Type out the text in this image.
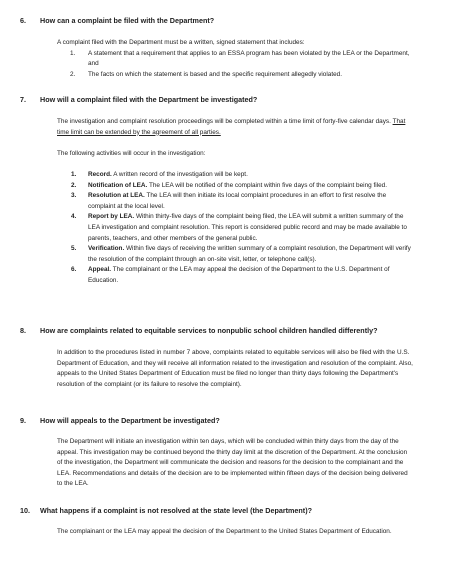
6. How can a complaint be filed with the Department?
A complaint filed with the Department must be a written, signed statement that includes:
1. A statement that a requirement that applies to an ESSA program has been violated by the LEA or the Department, and
2. The facts on which the statement is based and the specific requirement allegedly violated.
7. How will a complaint filed with the Department be investigated?

The investigation and complaint resolution proceedings will be completed within a time limit of forty-five calendar days. That time limit can be extended by the agreement of all parties.

The following activities will occur in the investigation:

1. Record. A written record of the investigation will be kept.
2. Notification of LEA. The LEA will be notified of the complaint within five days of the complaint being filed.
3. Resolution at LEA. The LEA will then initiate its local complaint procedures in an effort to first resolve the complaint at the local level.
4. Report by LEA. Within thirty-five days of the complaint being filed, the LEA will submit a written summary of the LEA investigation and complaint resolution. This report is considered public record and may be made available to parents, teachers, and other members of the general public.
5. Verification. Within five days of receiving the written summary of a complaint resolution, the Department will verify the resolution of the complaint through an on-site visit, letter, or telephone call(s).
6. Appeal. The complainant or the LEA may appeal the decision of the Department to the U.S. Department of Education.
8. How are complaints related to equitable services to nonpublic school children handled differently?

In addition to the procedures listed in number 7 above, complaints related to equitable services will also be filed with the U.S. Department of Education, and they will receive all information related to the investigation and resolution of the complaint. Also, appeals to the United States Department of Education must be filed no longer than thirty days following the Department's resolution of the complaint (or its failure to resolve the complaint).

9. How will appeals to the Department be investigated?

The Department will initiate an investigation within ten days, which will be concluded within thirty days from the day of the appeal. This investigation may be continued beyond the thirty day limit at the discretion of the Department. At the conclusion of the investigation, the Department will communicate the decision and reasons for the decision to the complainant and the LEA. Recommendations and details of the decision are to be implemented within fifteen days of the decision being delivered to the LEA.

10. What happens if a complaint is not resolved at the state level (the Department)?

The complainant or the LEA may appeal the decision of the Department to the United States Department of Education.
